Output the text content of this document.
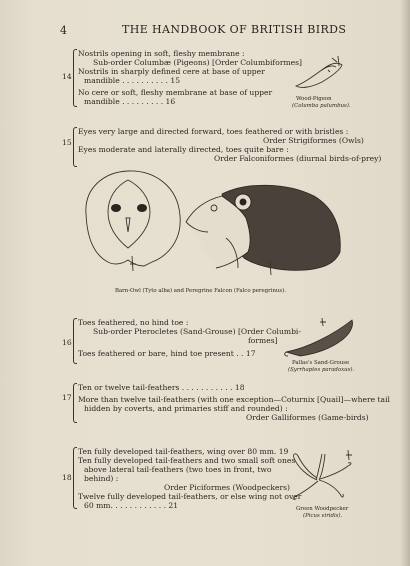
4	THE HANDBOOK OF BRITISH BIRDS
14
Nostrils opening in soft, fleshy membrane :
Sub-order Columbæ (Pigeons) [Order Columbiformes]
Nostrils in sharply defined cere at base of upper
mandible . . . . . . . . . . 15
No cere or soft, fleshy membrane at base of upper
mandible . . . . . . . . . 16	Wood-Pigeon
(Columba palumbus).
15
Eyes very large and directed forward, toes feathered or with bristles :
Order Strigiformes (Owls)
Eyes moderate and laterally directed, toes quite bare :
Order Falconiformes (diurnal birds-of-prey)
Barn-Owl (Tyto alba) and Peregrine Falcon (Falco peregrinus).
16
Toes feathered, no hind toe :
Sub-order Pterocletes (Sand-Grouse) [Order Columbi-
formes]
Toes feathered or bare, hind toe present . . 17
Pallas's Sand-Grouse
(Syrrhaptes paradoxus).
17
Ten or twelve tail-feathers . . . . . . . . . . . 18
More than twelve tail-feathers (with one exception—Coturnix [Quail]—where tail
hidden by coverts, and primaries stiff and rounded) :
Order Galliformes (Game-birds)
18
Ten fully developed tail-feathers, wing over 80 mm. 19
Ten fully developed tail-feathers and two small soft ones
above lateral tail-feathers (two toes in front, two
behind) :
Order Piciformes (Woodpeckers)
Twelve fully developed tail-feathers, or else wing not over
60 mm. . . . . . . . . . . . 21	Green Woodpecker
(Picus viridis).
